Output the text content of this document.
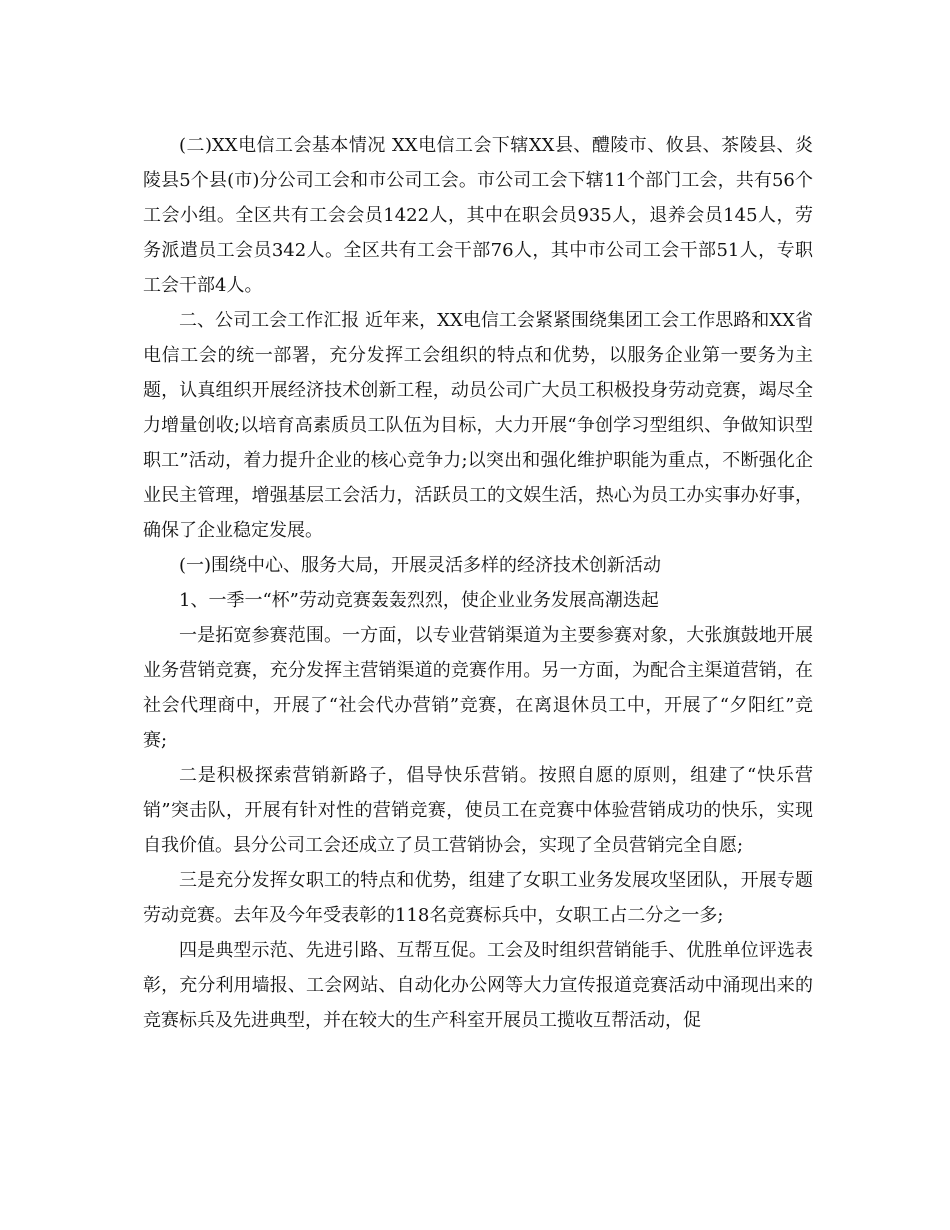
(二)XX电信工会基本情况 XX电信工会下辖XX县、醴陵市、攸县、茶陵县、炎陵县5个县(市)分公司工会和市公司工会。市公司工会下辖11个部门工会，共有56个工会小组。全区共有工会会员1422人，其中在职会员935人，退养会员145人，劳务派遣员工会员342人。全区共有工会干部76人，其中市公司工会干部51人，专职工会干部4人。

二、公司工会工作汇报 近年来，XX电信工会紧紧围绕集团工会工作思路和XX省电信工会的统一部署，充分发挥工会组织的特点和优势，以服务企业第一要务为主题，认真组织开展经济技术创新工程，动员公司广大员工积极投身劳动竞赛，竭尽全力增量创收;以培育高素质员工队伍为目标，大力开展“争创学习型组织、争做知识型职工”活动，着力提升企业的核心竞争力;以突出和强化维护职能为重点，不断强化企业民主管理，增强基层工会活力，活跃员工的文娱生活，热心为员工办实事办好事，确保了企业稳定发展。

(一)围绕中心、服务大局，开展灵活多样的经济技术创新活动

1、一季一“杯”劳动竞赛轰轰烈烈，使企业业务发展高潮迭起

一是拓宽参赛范围。一方面，以专业营销渠道为主要参赛对象，大张旗鼓地开展业务营销竞赛，充分发挥主营销渠道的竞赛作用。另一方面，为配合主渠道营销，在社会代理商中，开展了“社会代办营销”竞赛，在离退休员工中，开展了“夕阳红”竞赛;

二是积极探索营销新路子，倡导快乐营销。按照自愿的原则，组建了“快乐营销”突击队，开展有针对性的营销竞赛，使员工在竞赛中体验营销成功的快乐，实现自我价值。县分公司工会还成立了员工营销协会，实现了全员营销完全自愿;

三是充分发挥女职工的特点和优势，组建了女职工业务发展攻坚团队，开展专题劳动竞赛。去年及今年受表彰的118名竞赛标兵中，女职工占二分之一多;

四是典型示范、先进引路、互帮互促。工会及时组织营销能手、优胜单位评选表彰，充分利用墙报、工会网站、自动化办公网等大力宣传报道竞赛活动中涌现出来的竞赛标兵及先进典型，并在较大的生产科室开展员工揽收互帮活动，促
